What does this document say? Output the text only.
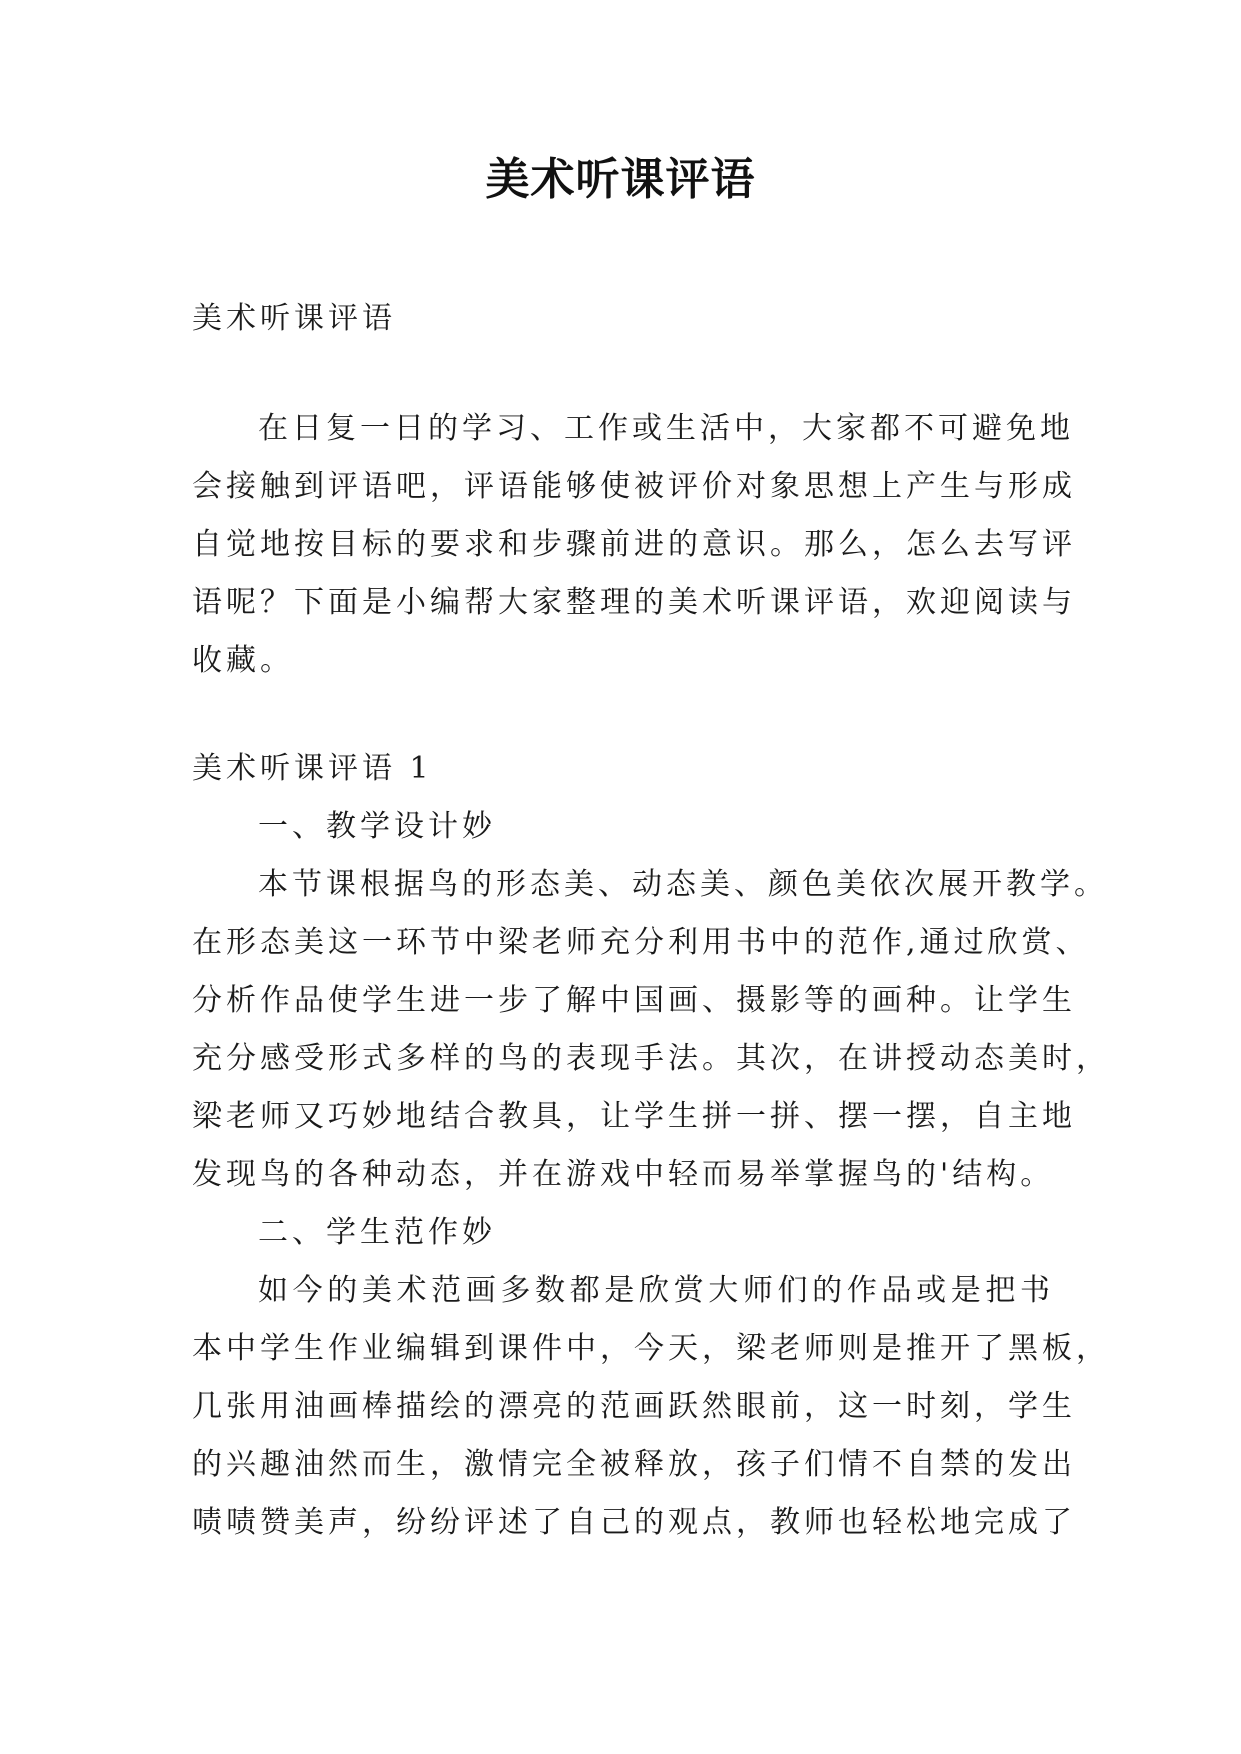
美术听课评语
美术听课评语
在日复一日的学习、工作或生活中，大家都不可避免地
会接触到评语吧，评语能够使被评价对象思想上产生与形成
自觉地按目标的要求和步骤前进的意识。那么，怎么去写评
语呢？下面是小编帮大家整理的美术听课评语，欢迎阅读与
收藏。
美术听课评语 1
一、教学设计妙
本节课根据鸟的形态美、动态美、颜色美依次展开教学。
在形态美这一环节中梁老师充分利用书中的范作,通过欣赏、
分析作品使学生进一步了解中国画、摄影等的画种。让学生
充分感受形式多样的鸟的表现手法。其次，在讲授动态美时，
梁老师又巧妙地结合教具，让学生拼一拼、摆一摆，自主地
发现鸟的各种动态，并在游戏中轻而易举掌握鸟的'结构。
二、学生范作妙
如今的美术范画多数都是欣赏大师们的作品或是把书
本中学生作业编辑到课件中，今天，梁老师则是推开了黑板，
几张用油画棒描绘的漂亮的范画跃然眼前，这一时刻，学生
的兴趣油然而生，激情完全被释放，孩子们情不自禁的发出
啧啧赞美声，纷纷评述了自己的观点，教师也轻松地完成了
